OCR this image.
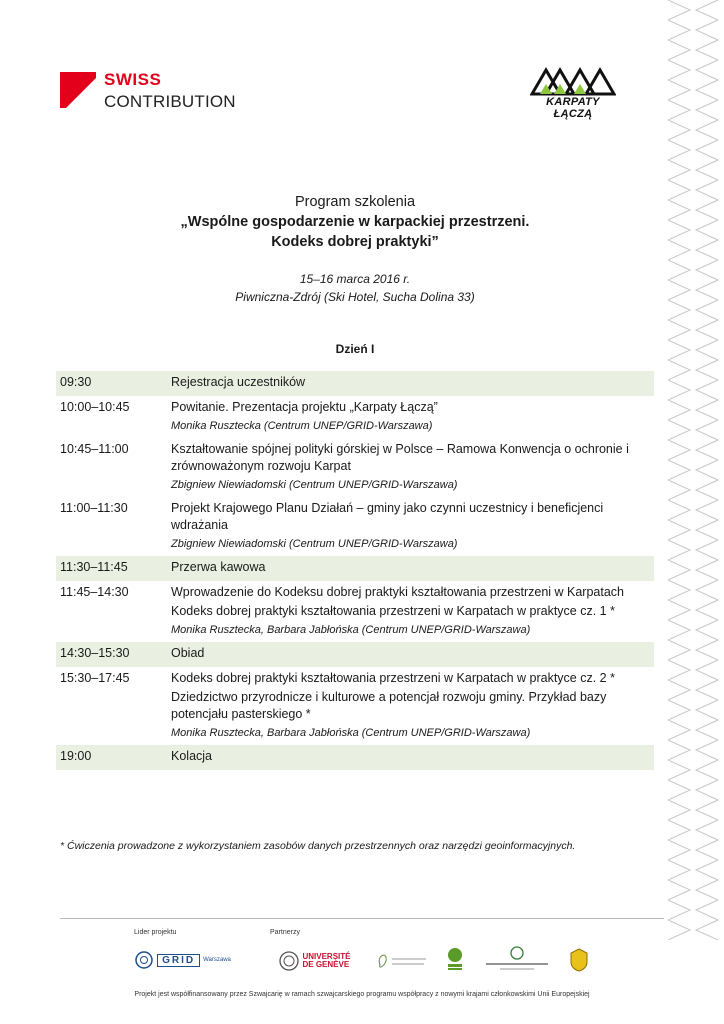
SWISS
CONTRIBUTION	KARPATY ŁĄCZĄ
Program szkolenia
„Wspólne gospodarzenie w karpackiej przestrzeni.
Kodeks dobrej praktyki”
15–16 marca 2016 r.
Piwniczna-Zdrój (Ski Hotel, Sucha Dolina 33)
Dzień I
09:30	Rejestracja uczestników
10:00–10:45	Powitanie. Prezentacja projektu „Karpaty Łączą”
Monika Rusztecka (Centrum UNEP/GRID-Warszawa)
10:45–11:00	Kształtowanie spójnej polityki górskiej w Polsce – Ramowa Konwencja o ochronie i zrównoważonym rozwoju Karpat
Zbigniew Niewiadomski (Centrum UNEP/GRID-Warszawa)
11:00–11:30	Projekt Krajowego Planu Działań – gminy jako czynni uczestnicy i beneficjenci wdrażania
Zbigniew Niewiadomski (Centrum UNEP/GRID-Warszawa)
11:30–11:45	Przerwa kawowa
11:45–14:30	Wprowadzenie do Kodeksu dobrej praktyki kształtowania przestrzeni w Karpatach
Kodeks dobrej praktyki kształtowania przestrzeni w Karpatach w praktyce cz. 1 *
Monika Rusztecka, Barbara Jabłońska (Centrum UNEP/GRID-Warszawa)
14:30–15:30	Obiad
15:30–17:45	Kodeks dobrej praktyki kształtowania przestrzeni w Karpatach w praktyce cz. 2 *
Dziedzictwo przyrodnicze i kulturowe a potencjał rozwoju gminy. Przykład bazy potencjału pasterskiego *
Monika Rusztecka, Barbara Jabłońska (Centrum UNEP/GRID-Warszawa)
19:00	Kolacja
* Ćwiczenia prowadzone z wykorzystaniem zasobów danych przestrzennych oraz narzędzi geoinformacyjnych.
Lider projektu	Partnerzy
GRID	Warszawa	UNIVERSITÉ
DE GENÈVE
Projekt jest współfinansowany przez Szwajcarię w ramach szwajcarskiego programu współpracy z nowymi krajami członkowskimi Unii Europejskiej
